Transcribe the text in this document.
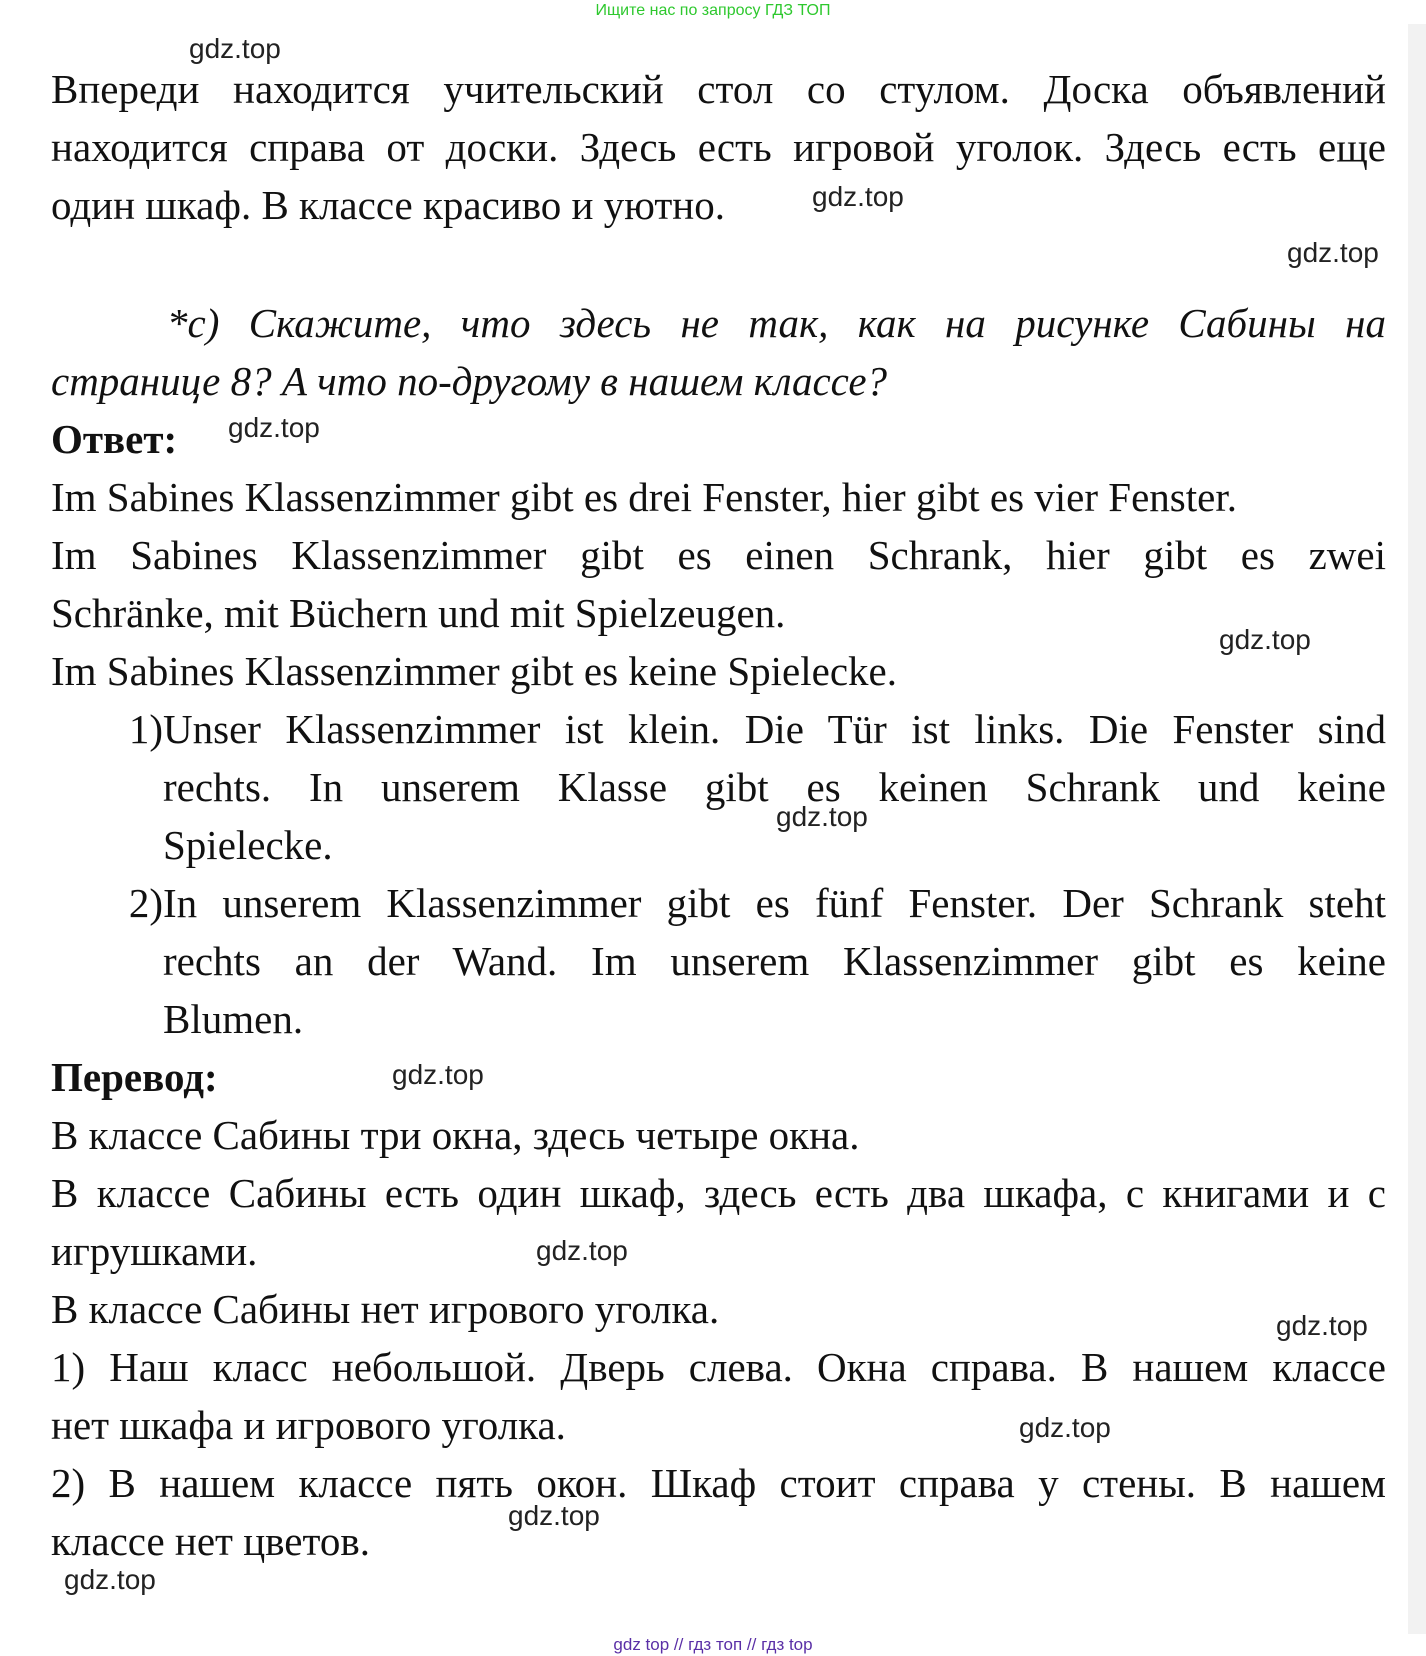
Ищите нас по запросу ГДЗ ТОП

Впереди находится учительский стол со стулом. Доска объявлений

находится справа от доски. Здесь есть игровой уголок. Здесь есть еще

один шкаф. В классе красиво и уютно.

*c) Скажите, что здесь не так, как на рисунке Сабины на

странице 8? А что по-другому в нашем классе?

Ответ:

Im Sabines Klassenzimmer gibt es drei Fenster, hier gibt es vier Fenster.

Im Sabines Klassenzimmer gibt es einen Schrank, hier gibt es zwei

Schränke, mit Büchern und mit Spielzeugen.

Im Sabines Klassenzimmer gibt es keine Spielecke.

1) Unser Klassenzimmer ist klein. Die Tür ist links. Die Fenster sind

rechts. In unserem Klasse gibt es keinen Schrank und keine

Spielecke.

2) In unserem Klassenzimmer gibt es fünf Fenster. Der Schrank steht

rechts an der Wand. Im unserem Klassenzimmer gibt es keine

Blumen.

Перевод:

В классе Сабины три окна, здесь четыре окна.

В классе Сабины есть один шкаф, здесь есть два шкафа, с книгами и с

игрушками.

В классе Сабины нет игрового уголка.

1) Наш класс небольшой. Дверь слева. Окна справа. В нашем классе

нет шкафа и игрового уголка.

2) В нашем классе пять окон. Шкаф стоит справа у стены. В нашем

классе нет цветов.

gdz.top
gdz.top
gdz.top
gdz.top
gdz.top
gdz.top
gdz.top
gdz.top
gdz.top
gdz.top
gdz.top
gdz.top
gdz top // гдз топ // гдз top
